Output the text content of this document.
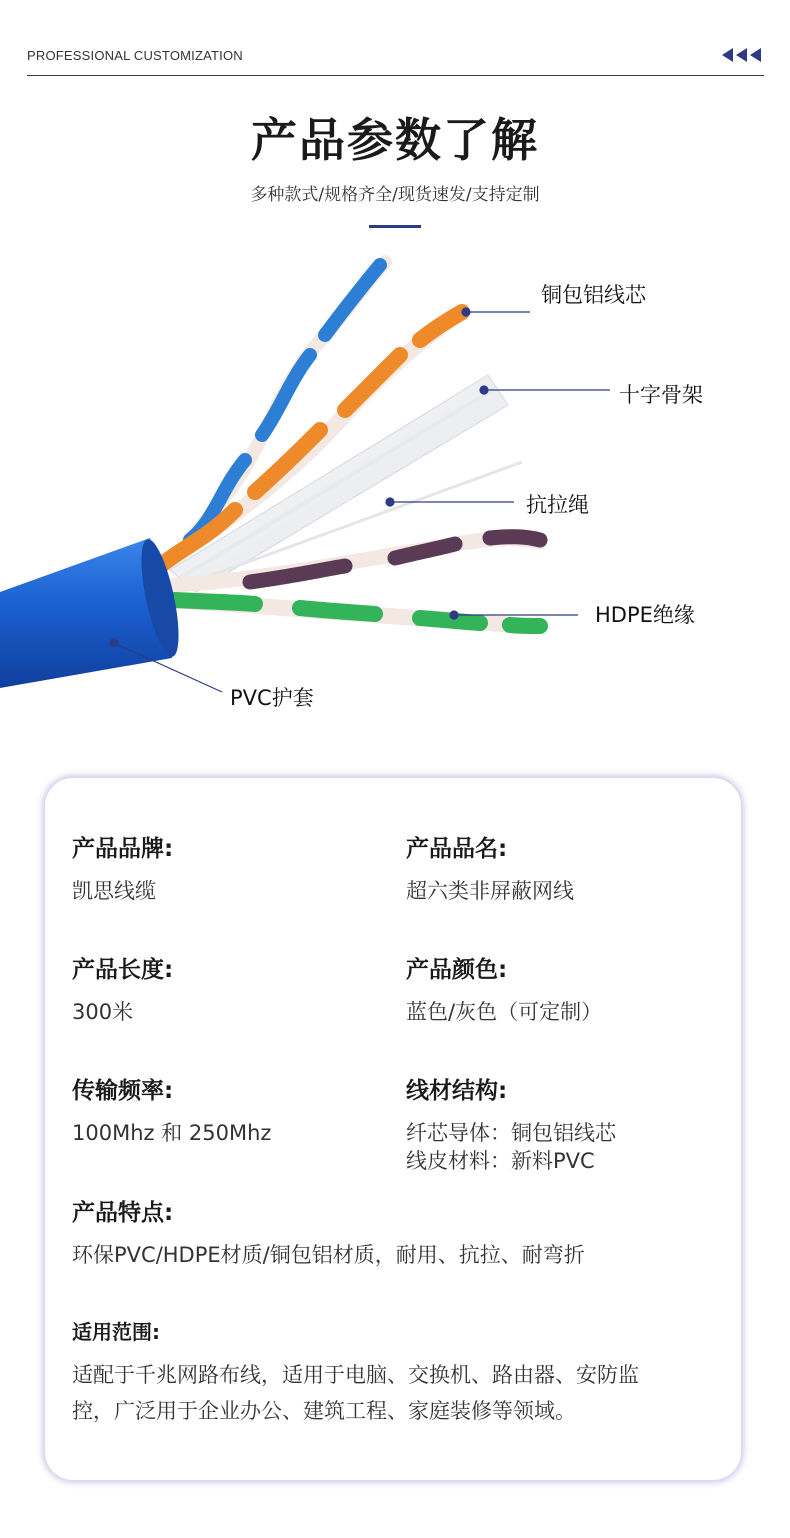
PROFESSIONAL CUSTOMIZATION
产品参数了解
多种款式/规格齐全/现货速发/支持定制
铜包铝线芯
十字骨架
抗拉绳
HDPE绝缘
PVC护套
产品品牌:
凯思线缆
产品品名:
超六类非屏蔽网线
产品长度:
300米
产品颜色:
蓝色/灰色（可定制）
传输频率:
100Mhz 和 250Mhz
线材结构:
纤芯导体：铜包铝线芯
线皮材料：新料PVC
产品特点:
环保PVC/HDPE材质/铜包铝材质，耐用、抗拉、耐弯折
适用范围:
适配于千兆网路布线，适用于电脑、交换机、路由器、安防监控，广泛用于企业办公、建筑工程、家庭装修等领域。
